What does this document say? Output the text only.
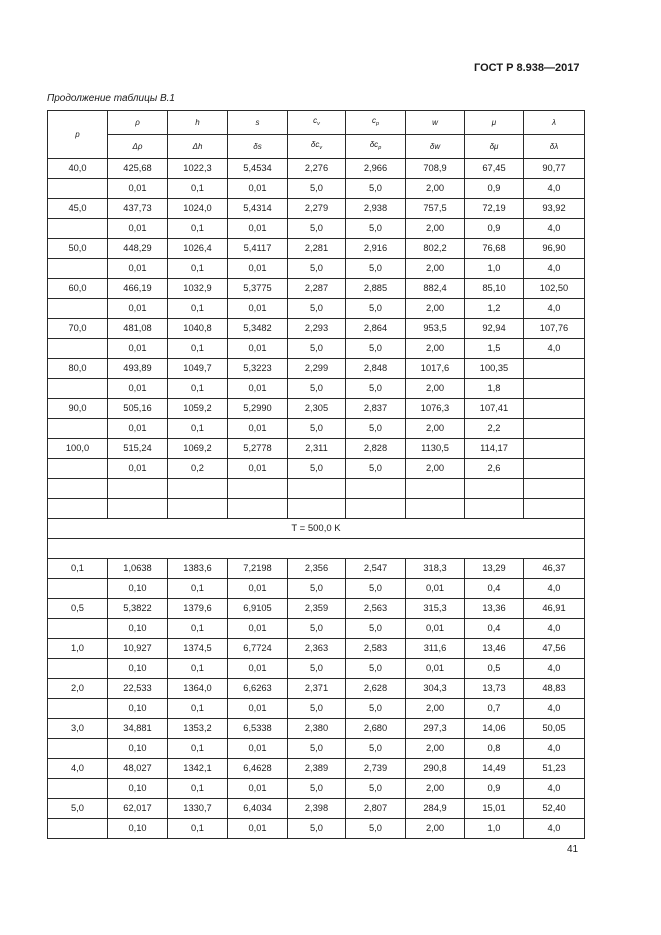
ГОСТ Р 8.938—2017
Продолжение таблицы В.1
p	ρ	h	s	$c_v$	$c_p$	w	μ	λ
	Δρ	Δh	δs	$\delta c_v$	$\delta c_p$	δw	δμ	δλ
40,0	425,68	1022,3	5,4534	2,276	2,966	708,9	67,45	90,77
	0,01	0,1	0,01	5,0	5,0	2,00	0,9	4,0
45,0	437,73	1024,0	5,4314	2,279	2,938	757,5	72,19	93,92
	0,01	0,1	0,01	5,0	5,0	2,00	0,9	4,0
50,0	448,29	1026,4	5,4117	2,281	2,916	802,2	76,68	96,90
	0,01	0,1	0,01	5,0	5,0	2,00	1,0	4,0
60,0	466,19	1032,9	5,3775	2,287	2,885	882,4	85,10	102,50
	0,01	0,1	0,01	5,0	5,0	2,00	1,2	4,0
70,0	481,08	1040,8	5,3482	2,293	2,864	953,5	92,94	107,76
	0,01	0,1	0,01	5,0	5,0	2,00	1,5	4,0
80,0	493,89	1049,7	5,3223	2,299	2,848	1017,6	100,35	
	0,01	0,1	0,01	5,0	5,0	2,00	1,8	
90,0	505,16	1059,2	5,2990	2,305	2,837	1076,3	107,41	
	0,01	0,1	0,01	5,0	5,0	2,00	2,2	
100,0	515,24	1069,2	5,2778	2,311	2,828	1130,5	114,17	
	0,01	0,2	0,01	5,0	5,0	2,00	2,6	

T = 500,0 K								

0,1	1,0638	1383,6	7,2198	2,356	2,547	318,3	13,29	46,37
	0,10	0,1	0,01	5,0	5,0	0,01	0,4	4,0
0,5	5,3822	1379,6	6,9105	2,359	2,563	315,3	13,36	46,91
	0,10	0,1	0,01	5,0	5,0	0,01	0,4	4,0
1,0	10,927	1374,5	6,7724	2,363	2,583	311,6	13,46	47,56
	0,10	0,1	0,01	5,0	5,0	0,01	0,5	4,0
2,0	22,533	1364,0	6,6263	2,371	2,628	304,3	13,73	48,83
	0,10	0,1	0,01	5,0	5,0	2,00	0,7	4,0
3,0	34,881	1353,2	6,5338	2,380	2,680	297,3	14,06	50,05
	0,10	0,1	0,01	5,0	5,0	2,00	0,8	4,0
4,0	48,027	1342,1	6,4628	2,389	2,739	290,8	14,49	51,23
	0,10	0,1	0,01	5,0	5,0	2,00	0,9	4,0
5,0	62,017	1330,7	6,4034	2,398	2,807	284,9	15,01	52,40
	0,10	0,1	0,01	5,0	5,0	2,00	1,0	4,0
41
